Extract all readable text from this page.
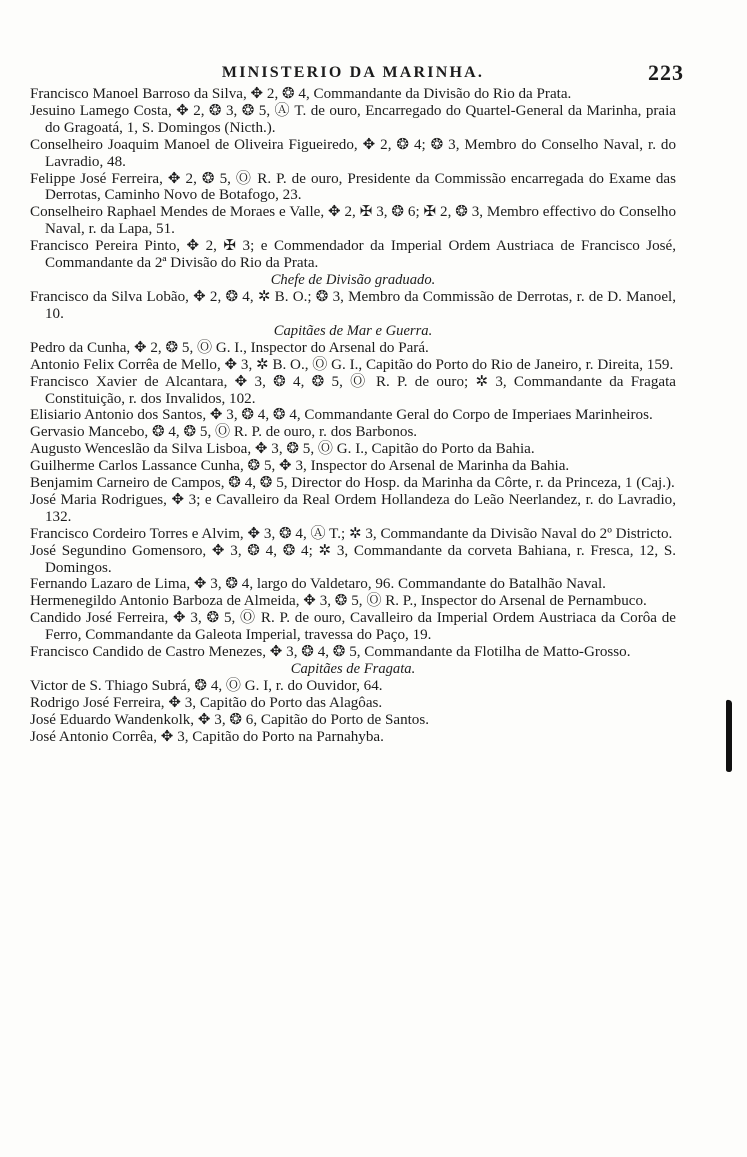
MINISTERIO DA MARINHA.	223

Francisco Manoel Barroso da Silva, ✥ 2, ❂ 4, Commandante da Divisão do Rio da Prata.

Jesuino Lamego Costa, ✥ 2, ❂ 3, ❂ 5, Ⓐ T. de ouro, Encarregado do Quartel-General da Marinha, praia do Gragoatá, 1, S. Domingos (Nicth.).

Conselheiro Joaquim Manoel de Oliveira Figueiredo, ✥ 2, ❂ 4; ❂ 3, Membro do Conselho Naval, r. do Lavradio, 48.

Felippe José Ferreira, ✥ 2, ❂ 5, Ⓞ R. P. de ouro, Presidente da Commissão encarregada do Exame das Derrotas, Caminho Novo de Botafogo, 23.

Conselheiro Raphael Mendes de Moraes e Valle, ✥ 2, ✠ 3, ❂ 6; ✠ 2, ❂ 3, Membro effectivo do Conselho Naval, r. da Lapa, 51.

Francisco Pereira Pinto, ✥ 2, ✠ 3; e Commendador da Imperial Ordem Austriaca de Francisco José, Commandante da 2ª Divisão do Rio da Prata.

Chefe de Divisão graduado.

Francisco da Silva Lobão, ✥ 2, ❂ 4, ✲ B. O.; ❂ 3, Membro da Commissão de Derrotas, r. de D. Manoel, 10.

Capitães de Mar e Guerra.

Pedro da Cunha, ✥ 2, ❂ 5, Ⓞ G. I., Inspector do Arsenal do Pará.

Antonio Felix Corrêa de Mello, ✥ 3, ✲ B. O., Ⓞ G. I., Capitão do Porto do Rio de Janeiro, r. Direita, 159.

Francisco Xavier de Alcantara, ✥ 3, ❂ 4, ❂ 5, Ⓞ R. P. de ouro; ✲ 3, Commandante da Fragata Constituição, r. dos Invalidos, 102.

Elisiario Antonio dos Santos, ✥ 3, ❂ 4, ❂ 4, Commandante Geral do Corpo de Imperiaes Marinheiros.

Gervasio Mancebo, ❂ 4, ❂ 5, Ⓞ R. P. de ouro, r. dos Barbonos.

Augusto Wenceslão da Silva Lisboa, ✥ 3, ❂ 5, Ⓞ G. I., Capitão do Porto da Bahia.

Guilherme Carlos Lassance Cunha, ❂ 5, ✥ 3, Inspector do Arsenal de Marinha da Bahia.

Benjamim Carneiro de Campos, ❂ 4, ❂ 5, Director do Hosp. da Marinha da Côrte, r. da Princeza, 1 (Caj.).

José Maria Rodrigues, ✥ 3; e Cavalleiro da Real Ordem Hollandeza do Leão Neerlandez, r. do Lavradio, 132.

Francisco Cordeiro Torres e Alvim, ✥ 3, ❂ 4, Ⓐ T.; ✲ 3, Commandante da Divisão Naval do 2º Districto.

José Segundino Gomensoro, ✥ 3, ❂ 4, ❂ 4; ✲ 3, Commandante da corveta Bahiana, r. Fresca, 12, S. Domingos.

Fernando Lazaro de Lima, ✥ 3, ❂ 4, largo do Valdetaro, 96. Commandante do Batalhão Naval.

Hermenegildo Antonio Barboza de Almeida, ✥ 3, ❂ 5, Ⓞ R. P., Inspector do Arsenal de Pernambuco.

Candido José Ferreira, ✥ 3, ❂ 5, Ⓞ R. P. de ouro, Cavalleiro da Imperial Ordem Austriaca da Corôa de Ferro, Commandante da Galeota Imperial, travessa do Paço, 19.

Francisco Candido de Castro Menezes, ✥ 3, ❂ 4, ❂ 5, Commandante da Flotilha de Matto-Grosso.

Capitães de Fragata.

Victor de S. Thiago Subrá, ❂ 4, Ⓞ G. I, r. do Ouvidor, 64.

Rodrigo José Ferreira, ✥ 3, Capitão do Porto das Alagôas.

José Eduardo Wandenkolk, ✥ 3, ❂ 6, Capitão do Porto de Santos.

José Antonio Corrêa, ✥ 3, Capitão do Porto na Parnahyba.
